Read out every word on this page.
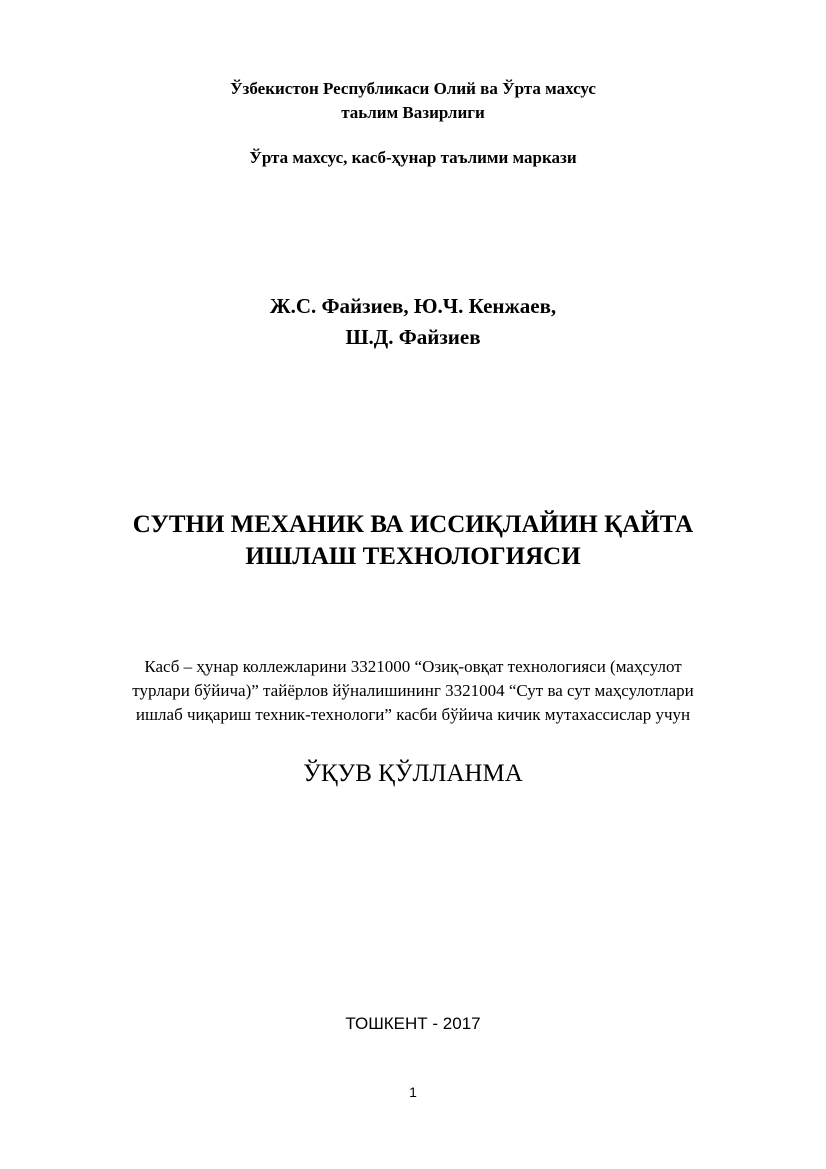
Ўзбекистон Республикаси Олий ва Ўрта махсус
таьлим Вазирлиги
Ўрта махсус, касб-ҳунар таълими маркази
Ж.С. Файзиев, Ю.Ч. Кенжаев,
Ш.Д. Файзиев
СУТНИ МЕХАНИК ВА ИССИҚЛАЙИН ҚАЙТА
ИШЛАШ ТЕХНОЛОГИЯСИ
Касб – ҳунар коллежларини 3321000 “Озиқ-овқат технологияси (маҳсулот
турлари бўйича)” тайёрлов йўналишининг 3321004 “Сут ва сут маҳсулотлари
ишлаб чиқариш техник-технологи” касби бўйича кичик мутахассислар учун
ЎҚУВ ҚЎЛЛАНМА
ТОШКЕНТ - 2017
1
